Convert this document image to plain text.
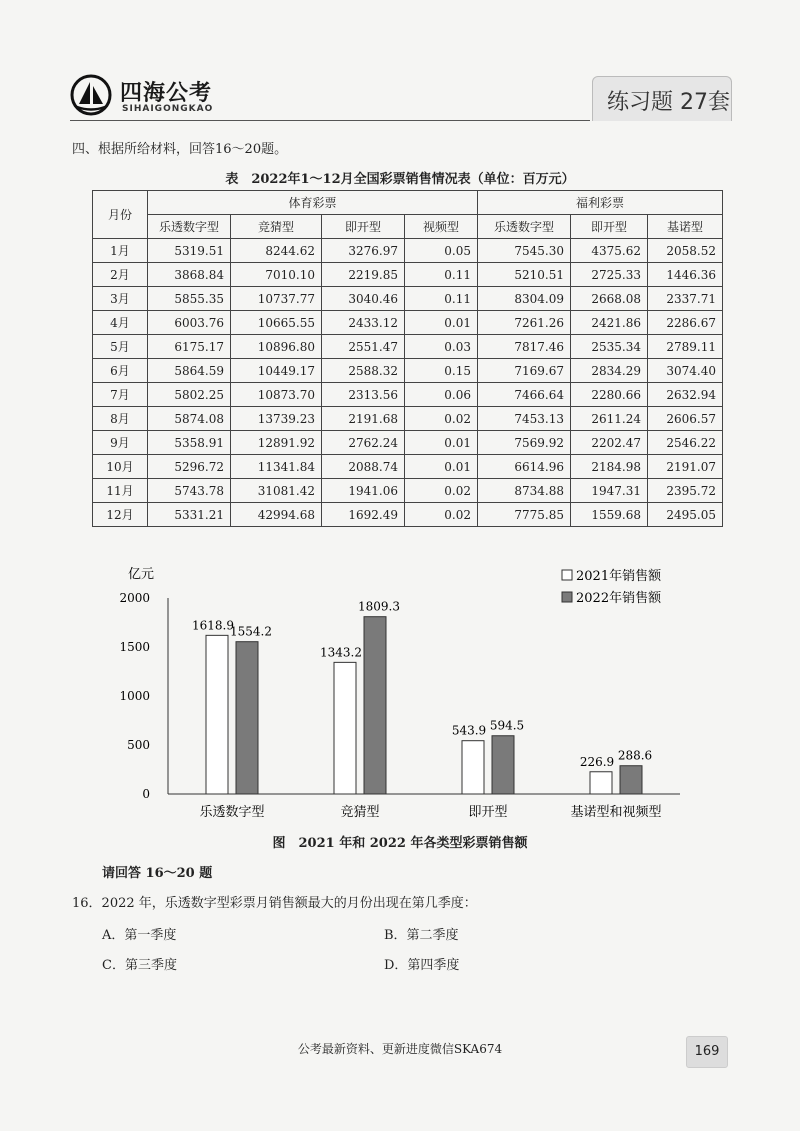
四海公考
SIHAIGONGKAO	练习题 27套
四、根据所给材料，回答16～20题。
表　2022年1～12月全国彩票销售情况表（单位：百万元）
月份	体育彩票				福利彩票		
	乐透数字型	竞猜型	即开型	视频型	乐透数字型	即开型	基诺型
1月	5319.51	8244.62	3276.97	0.05	7545.30	4375.62	2058.52
2月	3868.84	7010.10	2219.85	0.11	5210.51	2725.33	1446.36
3月	5855.35	10737.77	3040.46	0.11	8304.09	2668.08	2337.71
4月	6003.76	10665.55	2433.12	0.01	7261.26	2421.86	2286.67
5月	6175.17	10896.80	2551.47	0.03	7817.46	2535.34	2789.11
6月	5864.59	10449.17	2588.32	0.15	7169.67	2834.29	3074.40
7月	5802.25	10873.70	2313.56	0.06	7466.64	2280.66	2632.94
8月	5874.08	13739.23	2191.68	0.02	7453.13	2611.24	2606.57
9月	5358.91	12891.92	2762.24	0.01	7569.92	2202.47	2546.22
10月	5296.72	11341.84	2088.74	0.01	6614.96	2184.98	2191.07
11月	5743.78	31081.42	1941.06	0.02	8734.88	1947.31	2395.72
12月	5331.21	42994.68	1692.49	0.02	7775.85	1559.68	2495.05
亿元
0
500
1000
1500
2000
1618.9
1554.2
乐透数字型
1343.2
1809.3
竞猜型
543.9 594.5
即开型
226.9 288.6
基诺型和视频型
2021年销售额
2022年销售额
图　2021 年和 2022 年各类型彩票销售额
请回答 16～20 题
16．2022 年，乐透数字型彩票月销售额最大的月份出现在第几季度：
A．第一季度	B．第二季度
C．第三季度	D．第四季度
公考最新资料、更新进度微信SKA674	169
